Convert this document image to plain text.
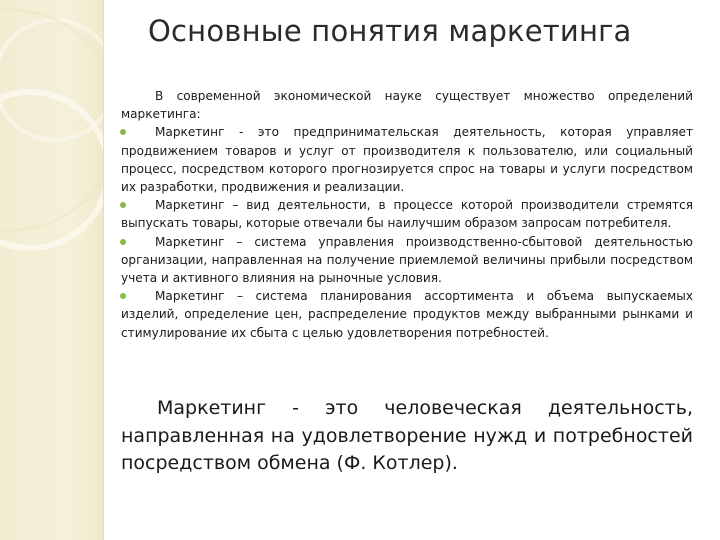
Основные понятия маркетинга

В современной экономической науке существует множество определений маркетинга:

Маркетинг - это предпринимательская деятельность, которая управляет продвижением товаров и услуг от производителя к пользователю, или социальный процесс, посредством которого прогнозируется спрос на товары и услуги посредством их разработки, продвижения и реализации.

Маркетинг – вид деятельности, в процессе которой производители стремятся выпускать товары, которые отвечали бы наилучшим образом запросам потребителя.

Маркетинг – система управления производственно-сбытовой деятельностью организации, направленная на получение приемлемой величины прибыли посредством учета и активного влияния на рыночные условия.

Маркетинг – система планирования ассортимента и объема выпускаемых изделий, определение цен, распределение продуктов между выбранными рынками и стимулирование их сбыта с целью удовлетворения потребностей.

Маркетинг - это человеческая деятельность, направленная на удовлетворение нужд и потребностей посредством обмена (Ф. Котлер).
